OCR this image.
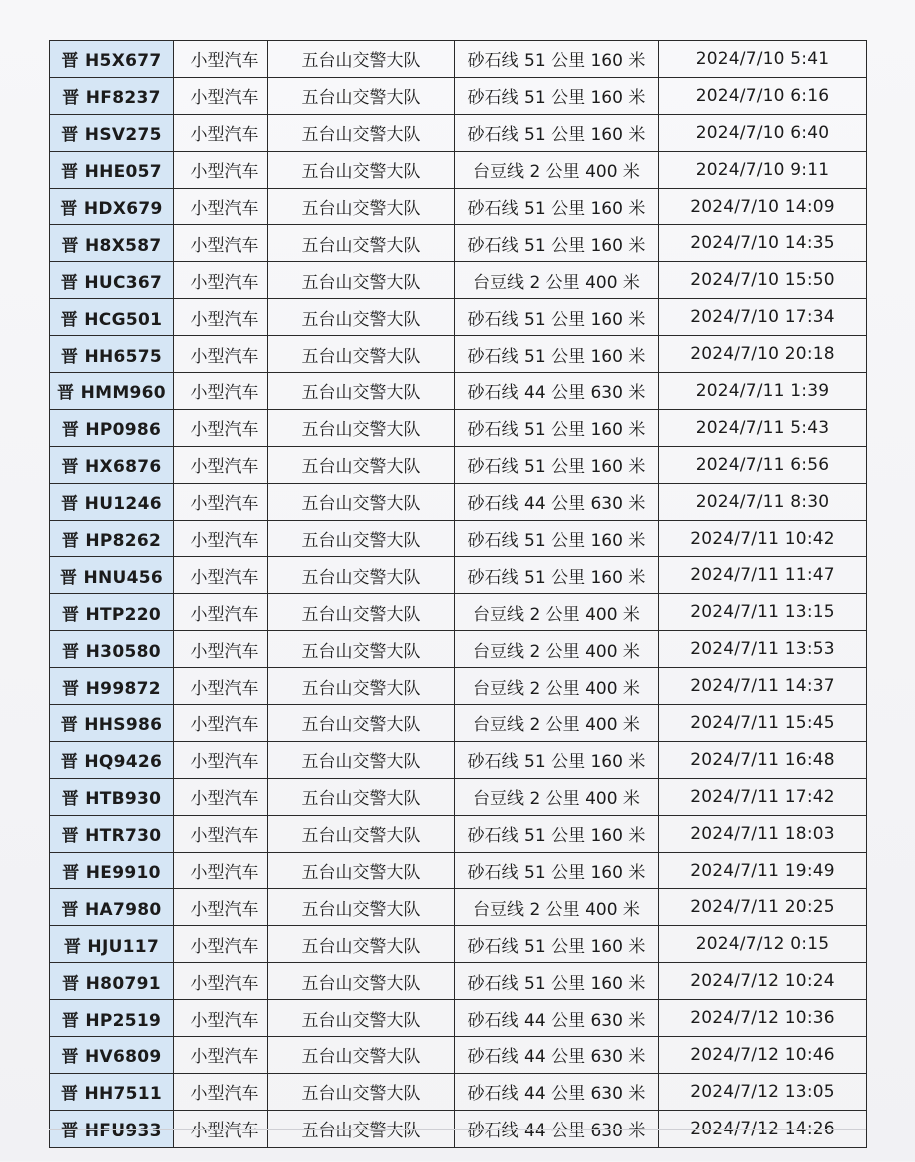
晋 H5X677	小型汽车	五台山交警大队	砂石线 51 公里 160 米	2024/7/10 5:41
晋 HF8237	小型汽车	五台山交警大队	砂石线 51 公里 160 米	2024/7/10 6:16
晋 HSV275	小型汽车	五台山交警大队	砂石线 51 公里 160 米	2024/7/10 6:40
晋 HHE057	小型汽车	五台山交警大队	台豆线 2 公里 400 米	2024/7/10 9:11
晋 HDX679	小型汽车	五台山交警大队	砂石线 51 公里 160 米	2024/7/10 14:09
晋 H8X587	小型汽车	五台山交警大队	砂石线 51 公里 160 米	2024/7/10 14:35
晋 HUC367	小型汽车	五台山交警大队	台豆线 2 公里 400 米	2024/7/10 15:50
晋 HCG501	小型汽车	五台山交警大队	砂石线 51 公里 160 米	2024/7/10 17:34
晋 HH6575	小型汽车	五台山交警大队	砂石线 51 公里 160 米	2024/7/10 20:18
晋 HMM960	小型汽车	五台山交警大队	砂石线 44 公里 630 米	2024/7/11 1:39
晋 HP0986	小型汽车	五台山交警大队	砂石线 51 公里 160 米	2024/7/11 5:43
晋 HX6876	小型汽车	五台山交警大队	砂石线 51 公里 160 米	2024/7/11 6:56
晋 HU1246	小型汽车	五台山交警大队	砂石线 44 公里 630 米	2024/7/11 8:30
晋 HP8262	小型汽车	五台山交警大队	砂石线 51 公里 160 米	2024/7/11 10:42
晋 HNU456	小型汽车	五台山交警大队	砂石线 51 公里 160 米	2024/7/11 11:47
晋 HTP220	小型汽车	五台山交警大队	台豆线 2 公里 400 米	2024/7/11 13:15
晋 H30580	小型汽车	五台山交警大队	台豆线 2 公里 400 米	2024/7/11 13:53
晋 H99872	小型汽车	五台山交警大队	台豆线 2 公里 400 米	2024/7/11 14:37
晋 HHS986	小型汽车	五台山交警大队	台豆线 2 公里 400 米	2024/7/11 15:45
晋 HQ9426	小型汽车	五台山交警大队	砂石线 51 公里 160 米	2024/7/11 16:48
晋 HTB930	小型汽车	五台山交警大队	台豆线 2 公里 400 米	2024/7/11 17:42
晋 HTR730	小型汽车	五台山交警大队	砂石线 51 公里 160 米	2024/7/11 18:03
晋 HE9910	小型汽车	五台山交警大队	砂石线 51 公里 160 米	2024/7/11 19:49
晋 HA7980	小型汽车	五台山交警大队	台豆线 2 公里 400 米	2024/7/11 20:25
晋 HJU117	小型汽车	五台山交警大队	砂石线 51 公里 160 米	2024/7/12 0:15
晋 H80791	小型汽车	五台山交警大队	砂石线 51 公里 160 米	2024/7/12 10:24
晋 HP2519	小型汽车	五台山交警大队	砂石线 44 公里 630 米	2024/7/12 10:36
晋 HV6809	小型汽车	五台山交警大队	砂石线 44 公里 630 米	2024/7/12 10:46
晋 HH7511	小型汽车	五台山交警大队	砂石线 44 公里 630 米	2024/7/12 13:05
晋 HFU933	小型汽车	五台山交警大队	砂石线 44 公里 630 米	2024/7/12 14:26
